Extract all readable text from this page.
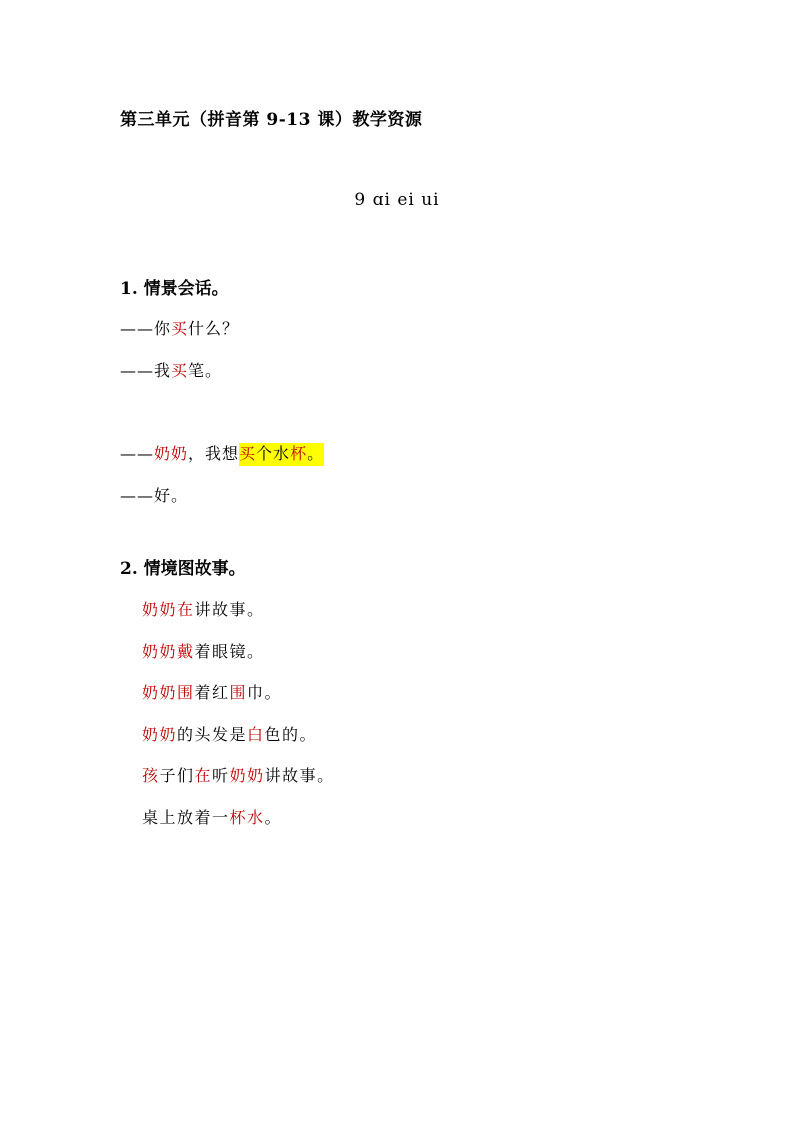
第三单元（拼音第 9-13 课）教学资源
9 ɑi ei ui
1. 情景会话。
——你买什么？
——我买笔。
——奶奶，我想买个水杯。
——好。
2. 情境图故事。
奶奶在讲故事。
奶奶戴着眼镜。
奶奶围着红围巾。
奶奶的头发是白色的。
孩子们在听奶奶讲故事。
桌上放着一杯水。
